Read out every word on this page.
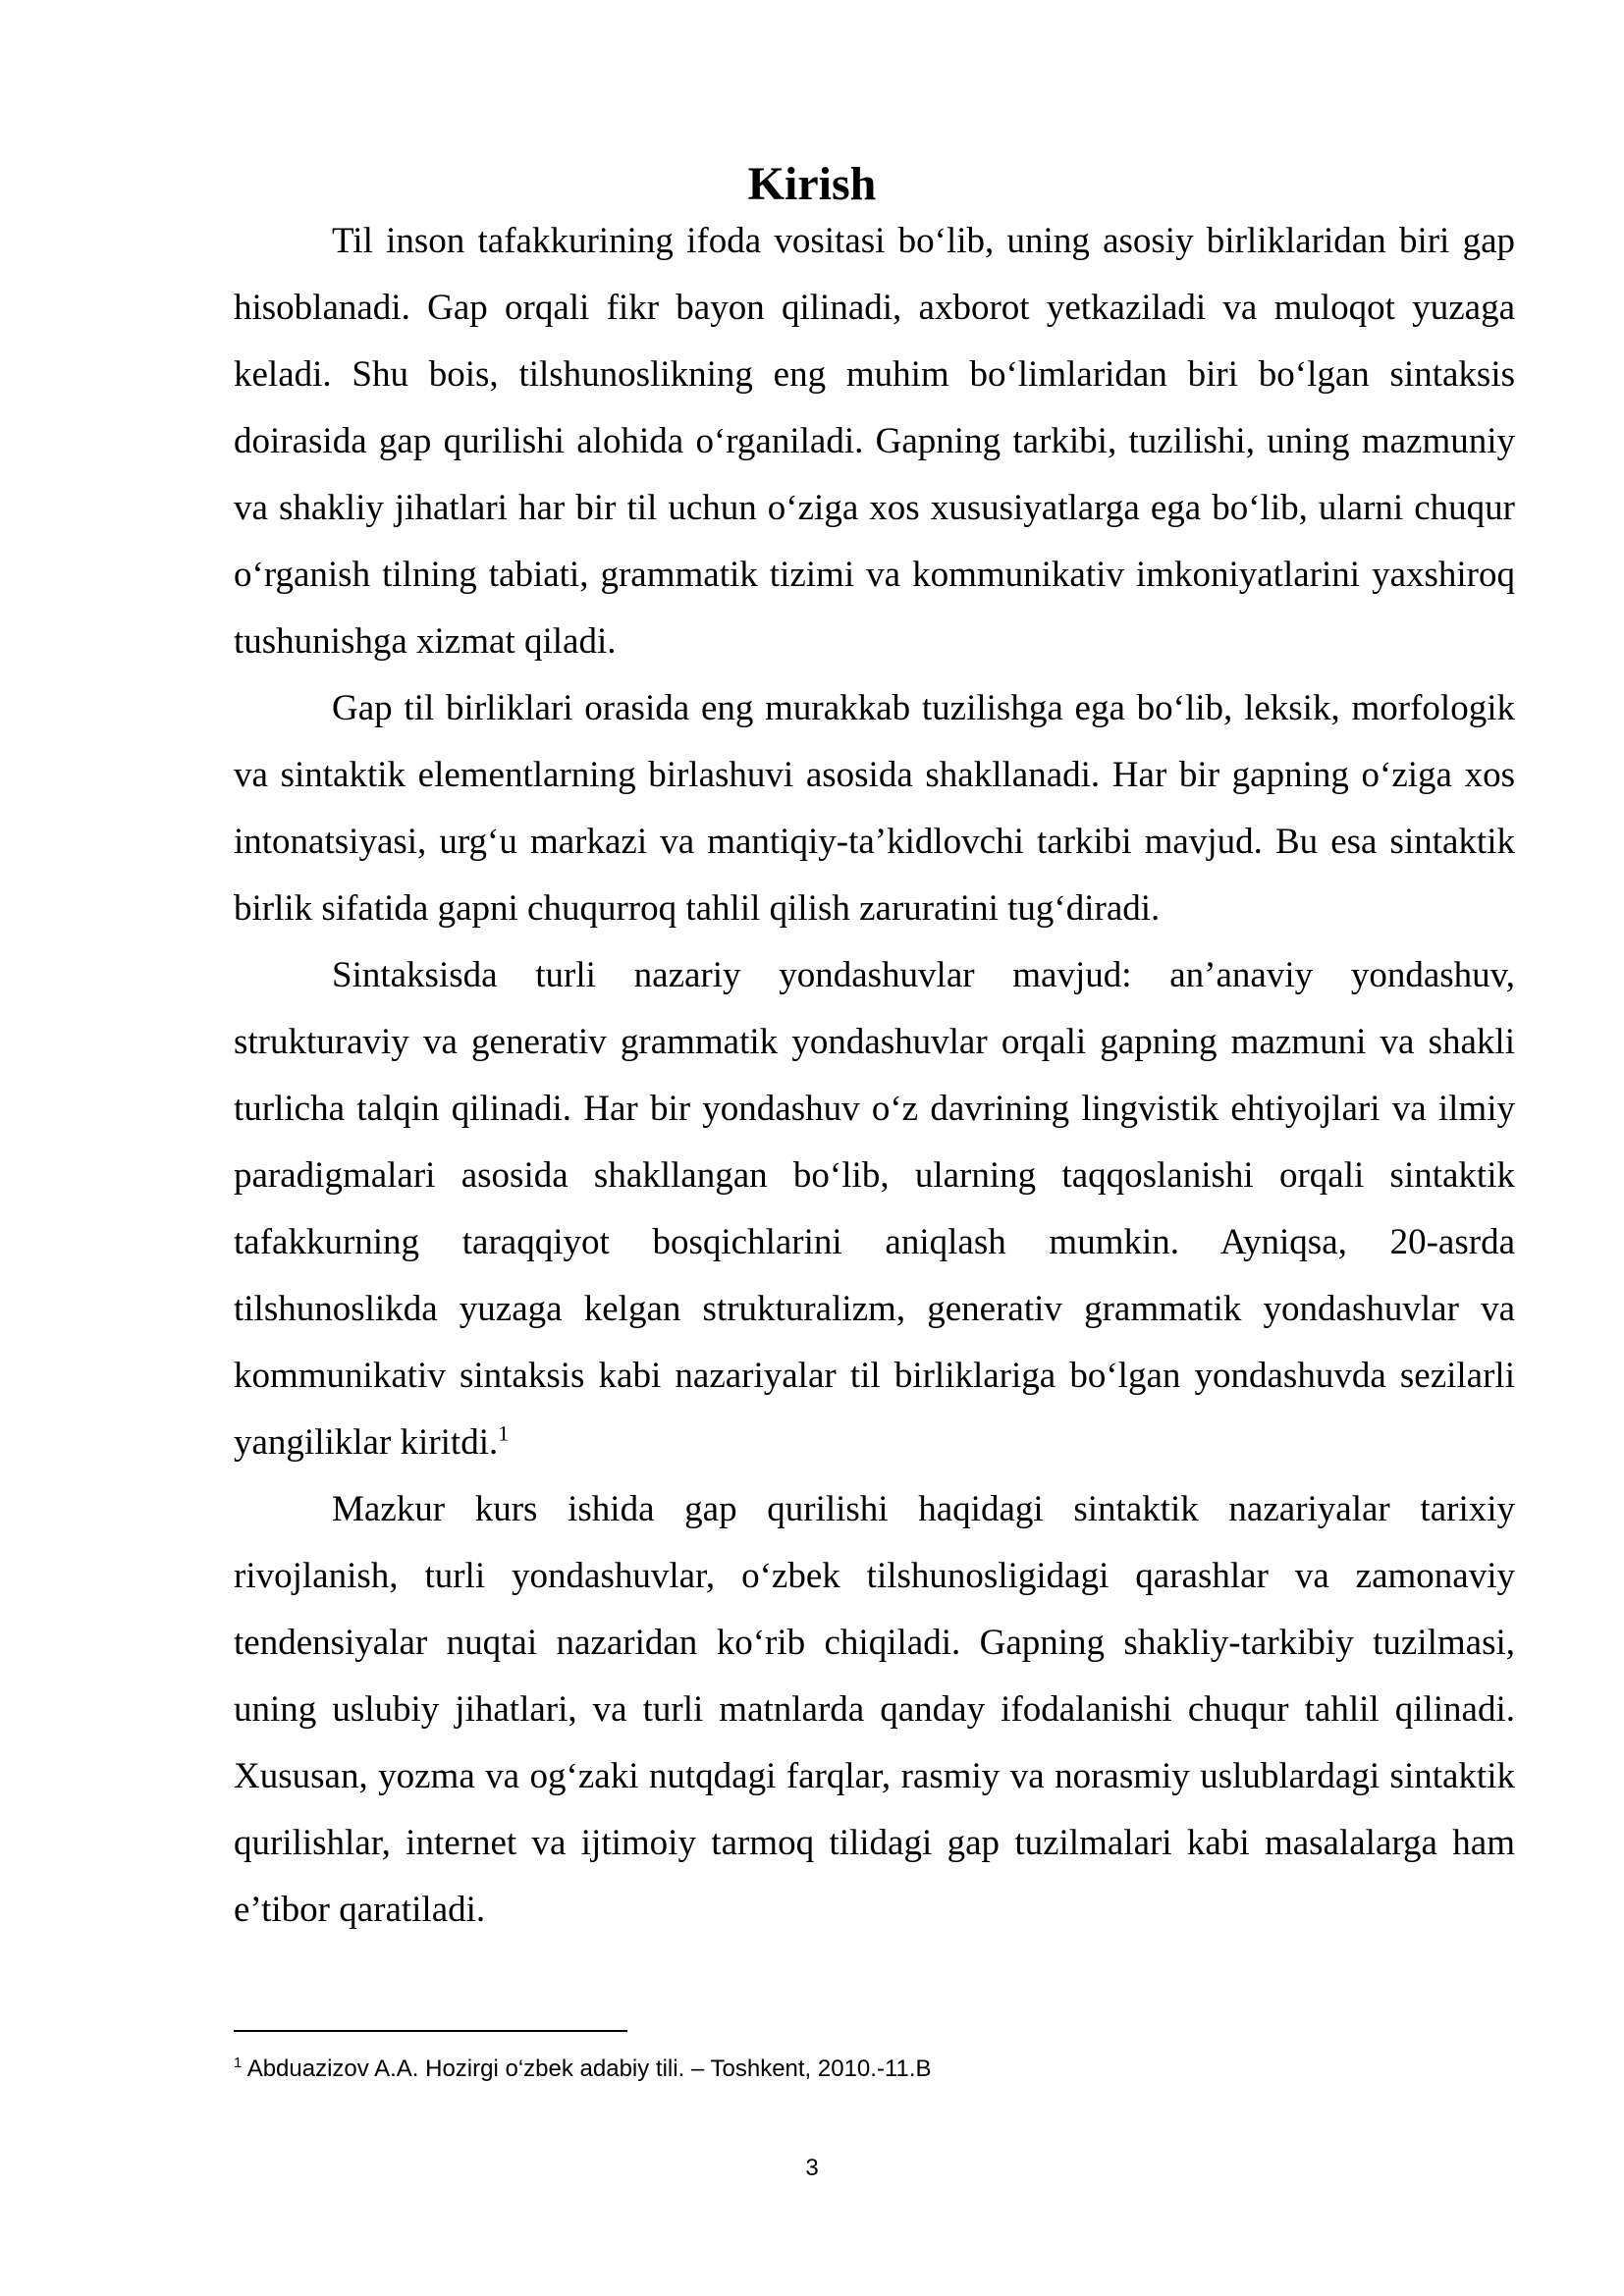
Kirish

Til inson tafakkurining ifoda vositasi bo‘lib, uning asosiy birliklaridan biri gap hisoblanadi. Gap orqali fikr bayon qilinadi, axborot yetkaziladi va muloqot yuzaga keladi. Shu bois, tilshunoslikning eng muhim bo‘limlaridan biri bo‘lgan sintaksis doirasida gap qurilishi alohida o‘rganiladi. Gapning tarkibi, tuzilishi, uning mazmuniy va shakliy jihatlari har bir til uchun o‘ziga xos xususiyatlarga ega bo‘lib, ularni chuqur o‘rganish tilning tabiati, grammatik tizimi va kommunikativ imkoniyatlarini yaxshiroq tushunishga xizmat qiladi.

Gap til birliklari orasida eng murakkab tuzilishga ega bo‘lib, leksik, morfologik va sintaktik elementlarning birlashuvi asosida shakllanadi. Har bir gapning o‘ziga xos intonatsiyasi, urg‘u markazi va mantiqiy-ta’kidlovchi tarkibi mavjud. Bu esa sintaktik birlik sifatida gapni chuqurroq tahlil qilish zaruratini tug‘diradi.

Sintaksisda turli nazariy yondashuvlar mavjud: an’anaviy yondashuv, strukturaviy va generativ grammatik yondashuvlar orqali gapning mazmuni va shakli turlicha talqin qilinadi. Har bir yondashuv o‘z davrining lingvistik ehtiyojlari va ilmiy paradigmalari asosida shakllangan bo‘lib, ularning taqqoslanishi orqali sintaktik tafakkurning taraqqiyot bosqichlarini aniqlash mumkin. Ayniqsa, 20-asrda tilshunoslikda yuzaga kelgan strukturalizm, generativ grammatik yondashuvlar va kommunikativ sintaksis kabi nazariyalar til birliklariga bo‘lgan yondashuvda sezilarli yangiliklar kiritdi.$^1$

Mazkur kurs ishida gap qurilishi haqidagi sintaktik nazariyalar tarixiy rivojlanish, turli yondashuvlar, o‘zbek tilshunosligidagi qarashlar va zamonaviy tendensiyalar nuqtai nazaridan ko‘rib chiqiladi. Gapning shakliy-tarkibiy tuzilmasi, uning uslubiy jihatlari, va turli matnlarda qanday ifodalanishi chuqur tahlil qilinadi. Xususan, yozma va og‘zaki nutqdagi farqlar, rasmiy va norasmiy uslublardagi sintaktik qurilishlar, internet va ijtimoiy tarmoq tilidagi gap tuzilmalari kabi masalalarga ham e’tibor qaratiladi.

$^1$ Abduazizov A.A. Hozirgi o‘zbek adabiy tili. – Toshkent, 2010.-11.B

3
